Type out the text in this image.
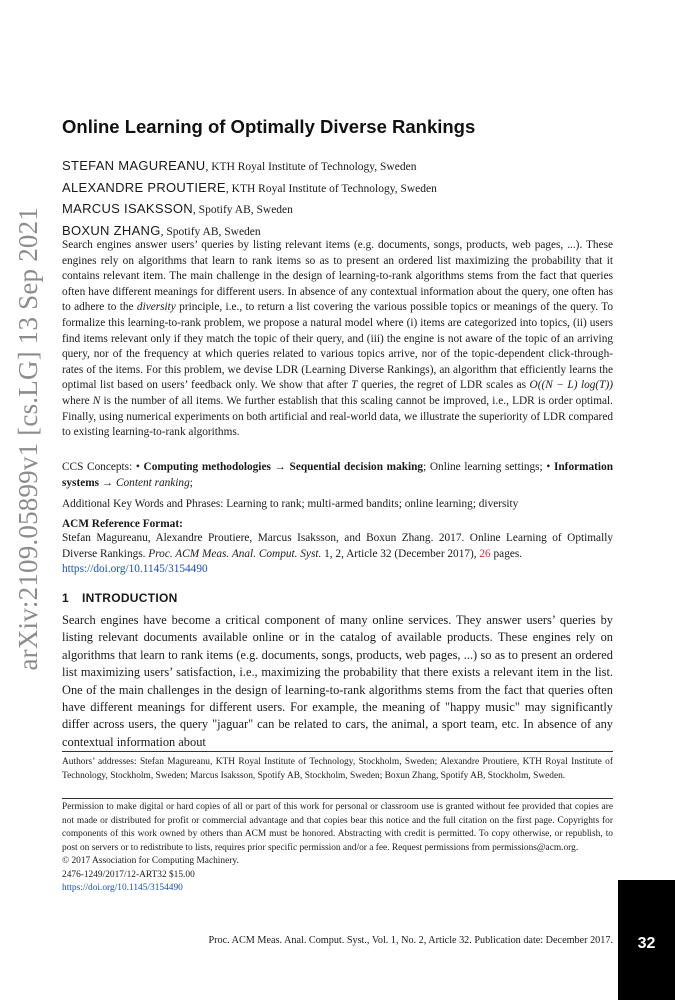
arXiv:2109.05899v1 [cs.LG] 13 Sep 2021
Online Learning of Optimally Diverse Rankings
STEFAN MAGUREANU, KTH Royal Institute of Technology, Sweden
ALEXANDRE PROUTIERE, KTH Royal Institute of Technology, Sweden
MARCUS ISAKSSON, Spotify AB, Sweden
BOXUN ZHANG, Spotify AB, Sweden
Search engines answer users’ queries by listing relevant items (e.g. documents, songs, products, web pages, ...). These engines rely on algorithms that learn to rank items so as to present an ordered list maximizing the probability that it contains relevant item. The main challenge in the design of learning-to-rank algorithms stems from the fact that queries often have different meanings for different users. In absence of any contextual information about the query, one often has to adhere to the diversity principle, i.e., to return a list covering the various possible topics or meanings of the query. To formalize this learning-to-rank problem, we propose a natural model where (i) items are categorized into topics, (ii) users find items relevant only if they match the topic of their query, and (iii) the engine is not aware of the topic of an arriving query, nor of the frequency at which queries related to various topics arrive, nor of the topic-dependent click-through-rates of the items. For this problem, we devise LDR (Learning Diverse Rankings), an algorithm that efficiently learns the optimal list based on users’ feedback only. We show that after T queries, the regret of LDR scales as O((N − L) log(T)) where N is the number of all items. We further establish that this scaling cannot be improved, i.e., LDR is order optimal. Finally, using numerical experiments on both artificial and real-world data, we illustrate the superiority of LDR compared to existing learning-to-rank algorithms.
CCS Concepts: • Computing methodologies → Sequential decision making; Online learning settings; • Information systems → Content ranking;
Additional Key Words and Phrases: Learning to rank; multi-armed bandits; online learning; diversity
ACM Reference Format:
Stefan Magureanu, Alexandre Proutiere, Marcus Isaksson, and Boxun Zhang. 2017. Online Learning of Optimally Diverse Rankings. Proc. ACM Meas. Anal. Comput. Syst. 1, 2, Article 32 (December 2017), 26 pages.
https://doi.org/10.1145/3154490
1 INTRODUCTION
Search engines have become a critical component of many online services. They answer users’ queries by listing relevant documents available online or in the catalog of available products. These engines rely on algorithms that learn to rank items (e.g. documents, songs, products, web pages, ...) so as to present an ordered list maximizing users’ satisfaction, i.e., maximizing the probability that there exists a relevant item in the list. One of the main challenges in the design of learning-to-rank algorithms stems from the fact that queries often have different meanings for different users. For example, the meaning of "happy music" may significantly differ across users, the query "jaguar" can be related to cars, the animal, a sport team, etc. In absence of any contextual information about
Authors’ addresses: Stefan Magureanu, KTH Royal Institute of Technology, Stockholm, Sweden; Alexandre Proutiere, KTH Royal Institute of Technology, Stockholm, Sweden; Marcus Isaksson, Spotify AB, Stockholm, Sweden; Boxun Zhang, Spotify AB, Stockholm, Sweden.
Permission to make digital or hard copies of all or part of this work for personal or classroom use is granted without fee provided that copies are not made or distributed for profit or commercial advantage and that copies bear this notice and the full citation on the first page. Copyrights for components of this work owned by others than ACM must be honored. Abstracting with credit is permitted. To copy otherwise, or republish, to post on servers or to redistribute to lists, requires prior specific permission and/or a fee. Request permissions from permissions@acm.org.
© 2017 Association for Computing Machinery.
2476-1249/2017/12-ART32 $15.00
https://doi.org/10.1145/3154490
Proc. ACM Meas. Anal. Comput. Syst., Vol. 1, No. 2, Article 32. Publication date: December 2017.	32
